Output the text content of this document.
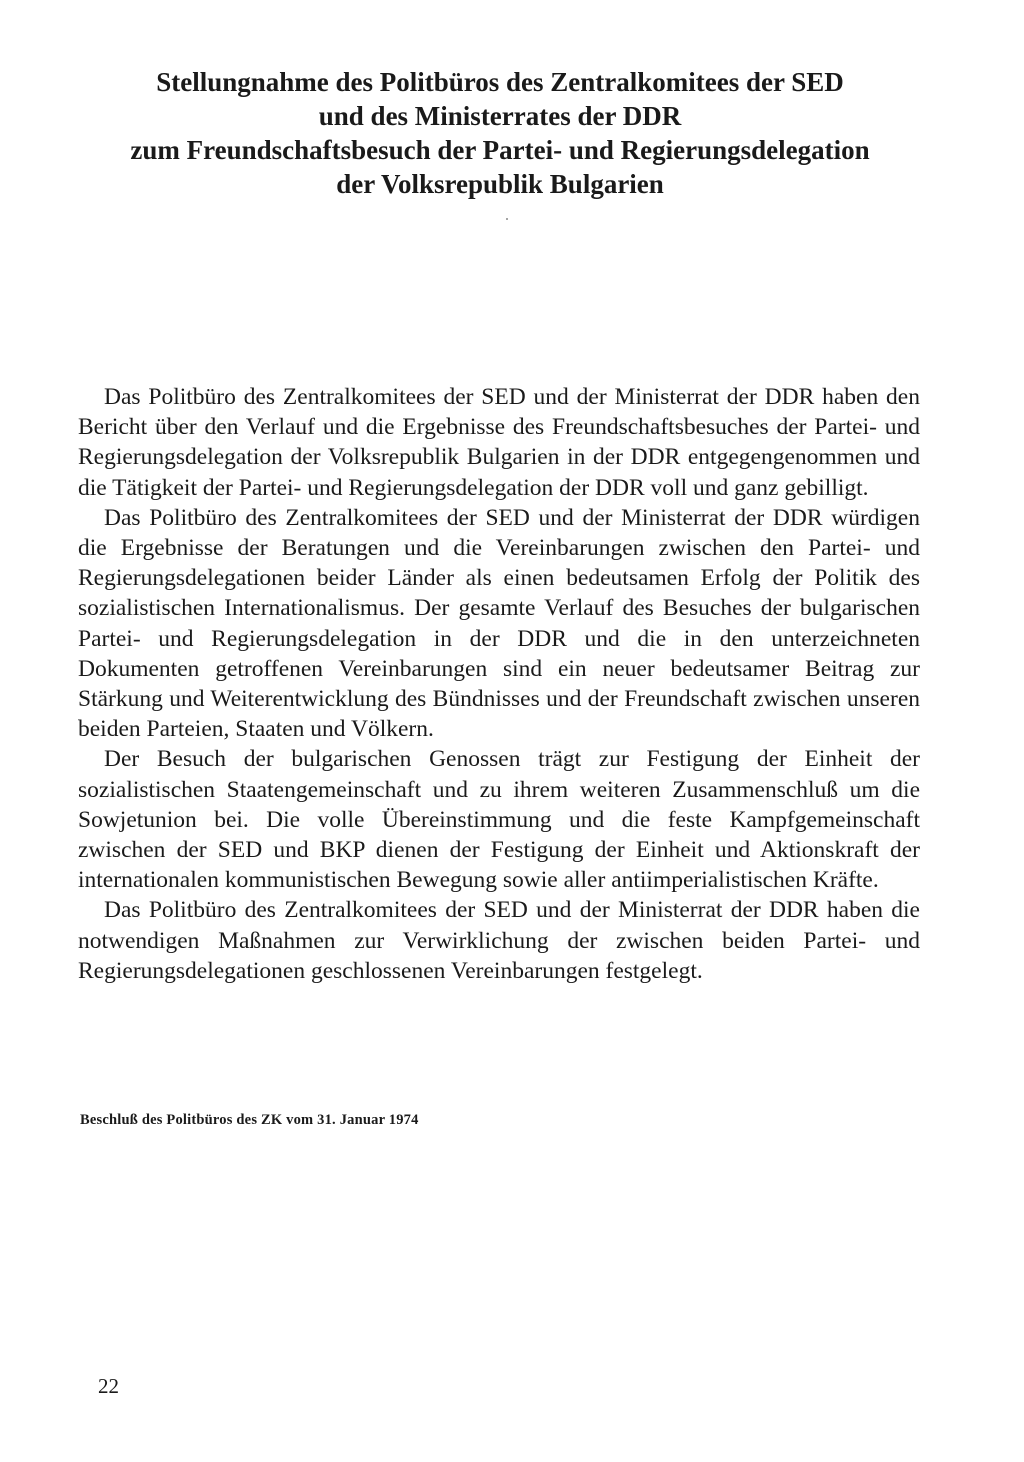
Stellungnahme des Politbüros des Zentralkomitees der SED
und des Ministerrates der DDR
zum Freundschaftsbesuch der Partei- und Regierungsdelegation
der Volksrepublik Bulgarien

Das Politbüro des Zentralkomitees der SED und der Ministerrat der DDR haben den Bericht über den Verlauf und die Ergebnisse des Freundschaftsbesuches der Partei- und Regierungsdelegation der Volksrepublik Bulgarien in der DDR entgegengenommen und die Tätigkeit der Partei- und Regierungsdelegation der DDR voll und ganz gebilligt.

Das Politbüro des Zentralkomitees der SED und der Ministerrat der DDR würdigen die Ergebnisse der Beratungen und die Vereinbarungen zwischen den Partei- und Regierungsdelegationen beider Länder als einen bedeutsamen Erfolg der Politik des sozialistischen Internationalismus. Der gesamte Verlauf des Besuches der bulgarischen Partei- und Regierungsdelegation in der DDR und die in den unterzeichneten Dokumenten getroffenen Vereinbarungen sind ein neuer bedeutsamer Beitrag zur Stärkung und Weiterentwicklung des Bündnisses und der Freundschaft zwischen unseren beiden Parteien, Staaten und Völkern.

Der Besuch der bulgarischen Genossen trägt zur Festigung der Einheit der sozialistischen Staatengemeinschaft und zu ihrem weiteren Zusammenschluß um die Sowjetunion bei. Die volle Übereinstimmung und die feste Kampfgemeinschaft zwischen der SED und BKP dienen der Festigung der Einheit und Aktionskraft der internationalen kommunistischen Bewegung sowie aller antiimperialistischen Kräfte.

Das Politbüro des Zentralkomitees der SED und der Ministerrat der DDR haben die notwendigen Maßnahmen zur Verwirklichung der zwischen beiden Partei- und Regierungsdelegationen geschlossenen Vereinbarungen festgelegt.

Beschluß des Politbüros des ZK vom 31. Januar 1974
22
